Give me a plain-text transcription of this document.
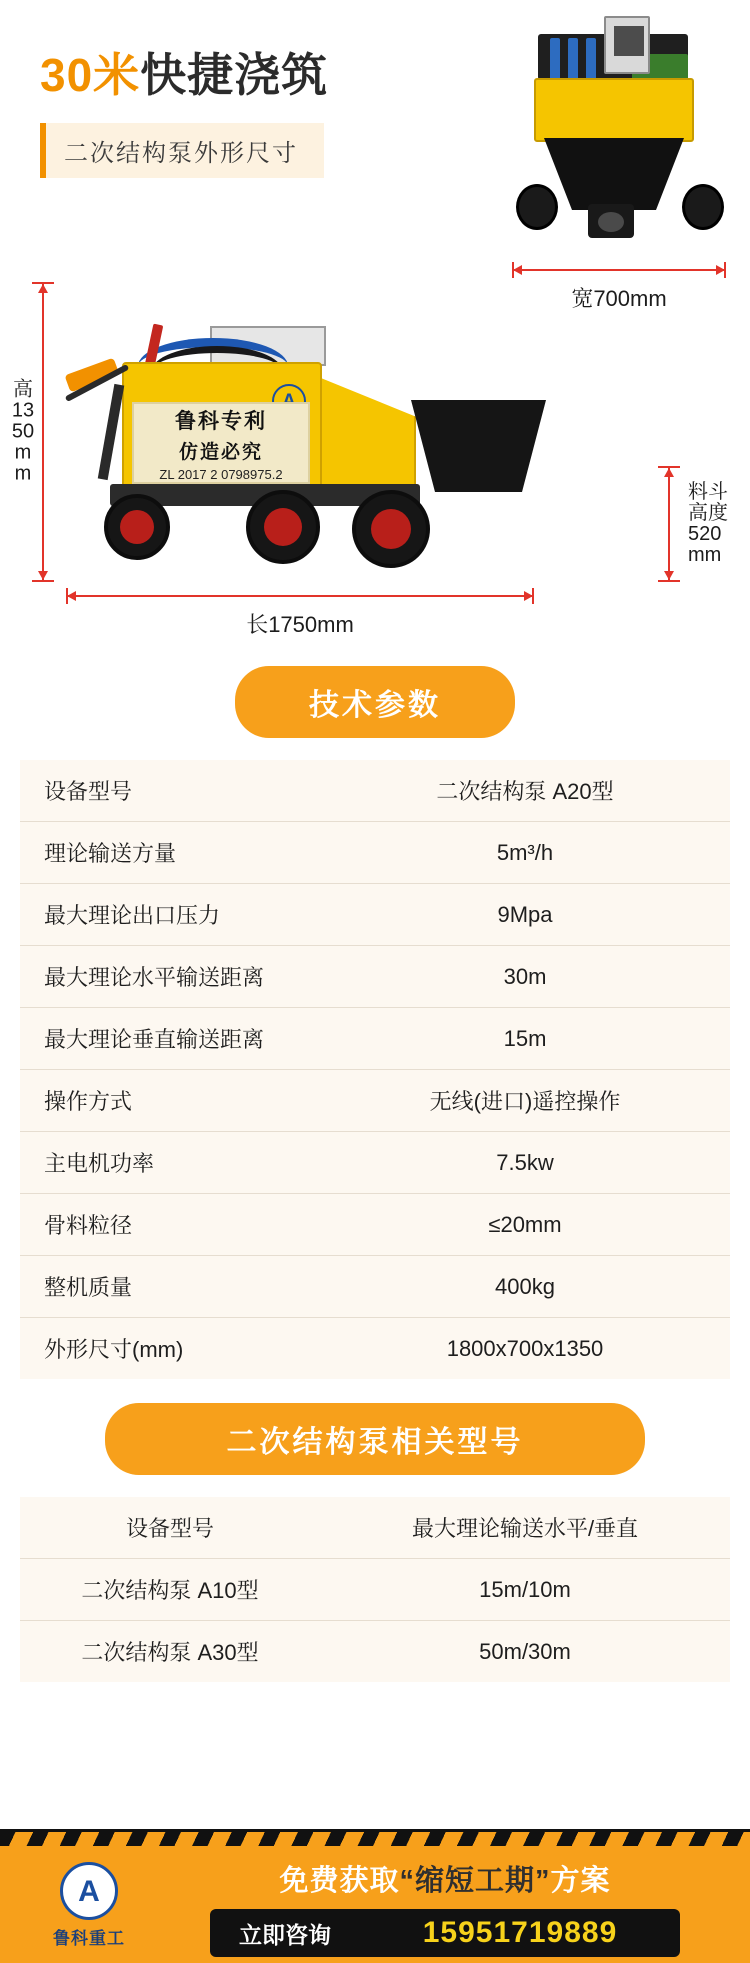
30米快捷浇筑
二次结构泵外形尺寸
宽700mm
高1350mm
鲁科专利
仿造必究
ZL 2017 2 0798975.2
料斗高度520mm
长1750mm
技术参数
设备型号	二次结构泵 A20型
理论输送方量	5m³/h
最大理论出口压力	9Mpa
最大理论水平输送距离	30m
最大理论垂直输送距离	15m
操作方式	无线(进口)遥控操作
主电机功率	7.5kw
骨料粒径	≤20mm
整机质量	400kg
外形尺寸(mm)	1800x700x1350
二次结构泵相关型号
设备型号	最大理论输送水平/垂直
二次结构泵 A10型	15m/10m
二次结构泵 A30型	50m/30m
A
鲁科重工
免费获取“缩短工期”方案
立即咨询	15951719889
